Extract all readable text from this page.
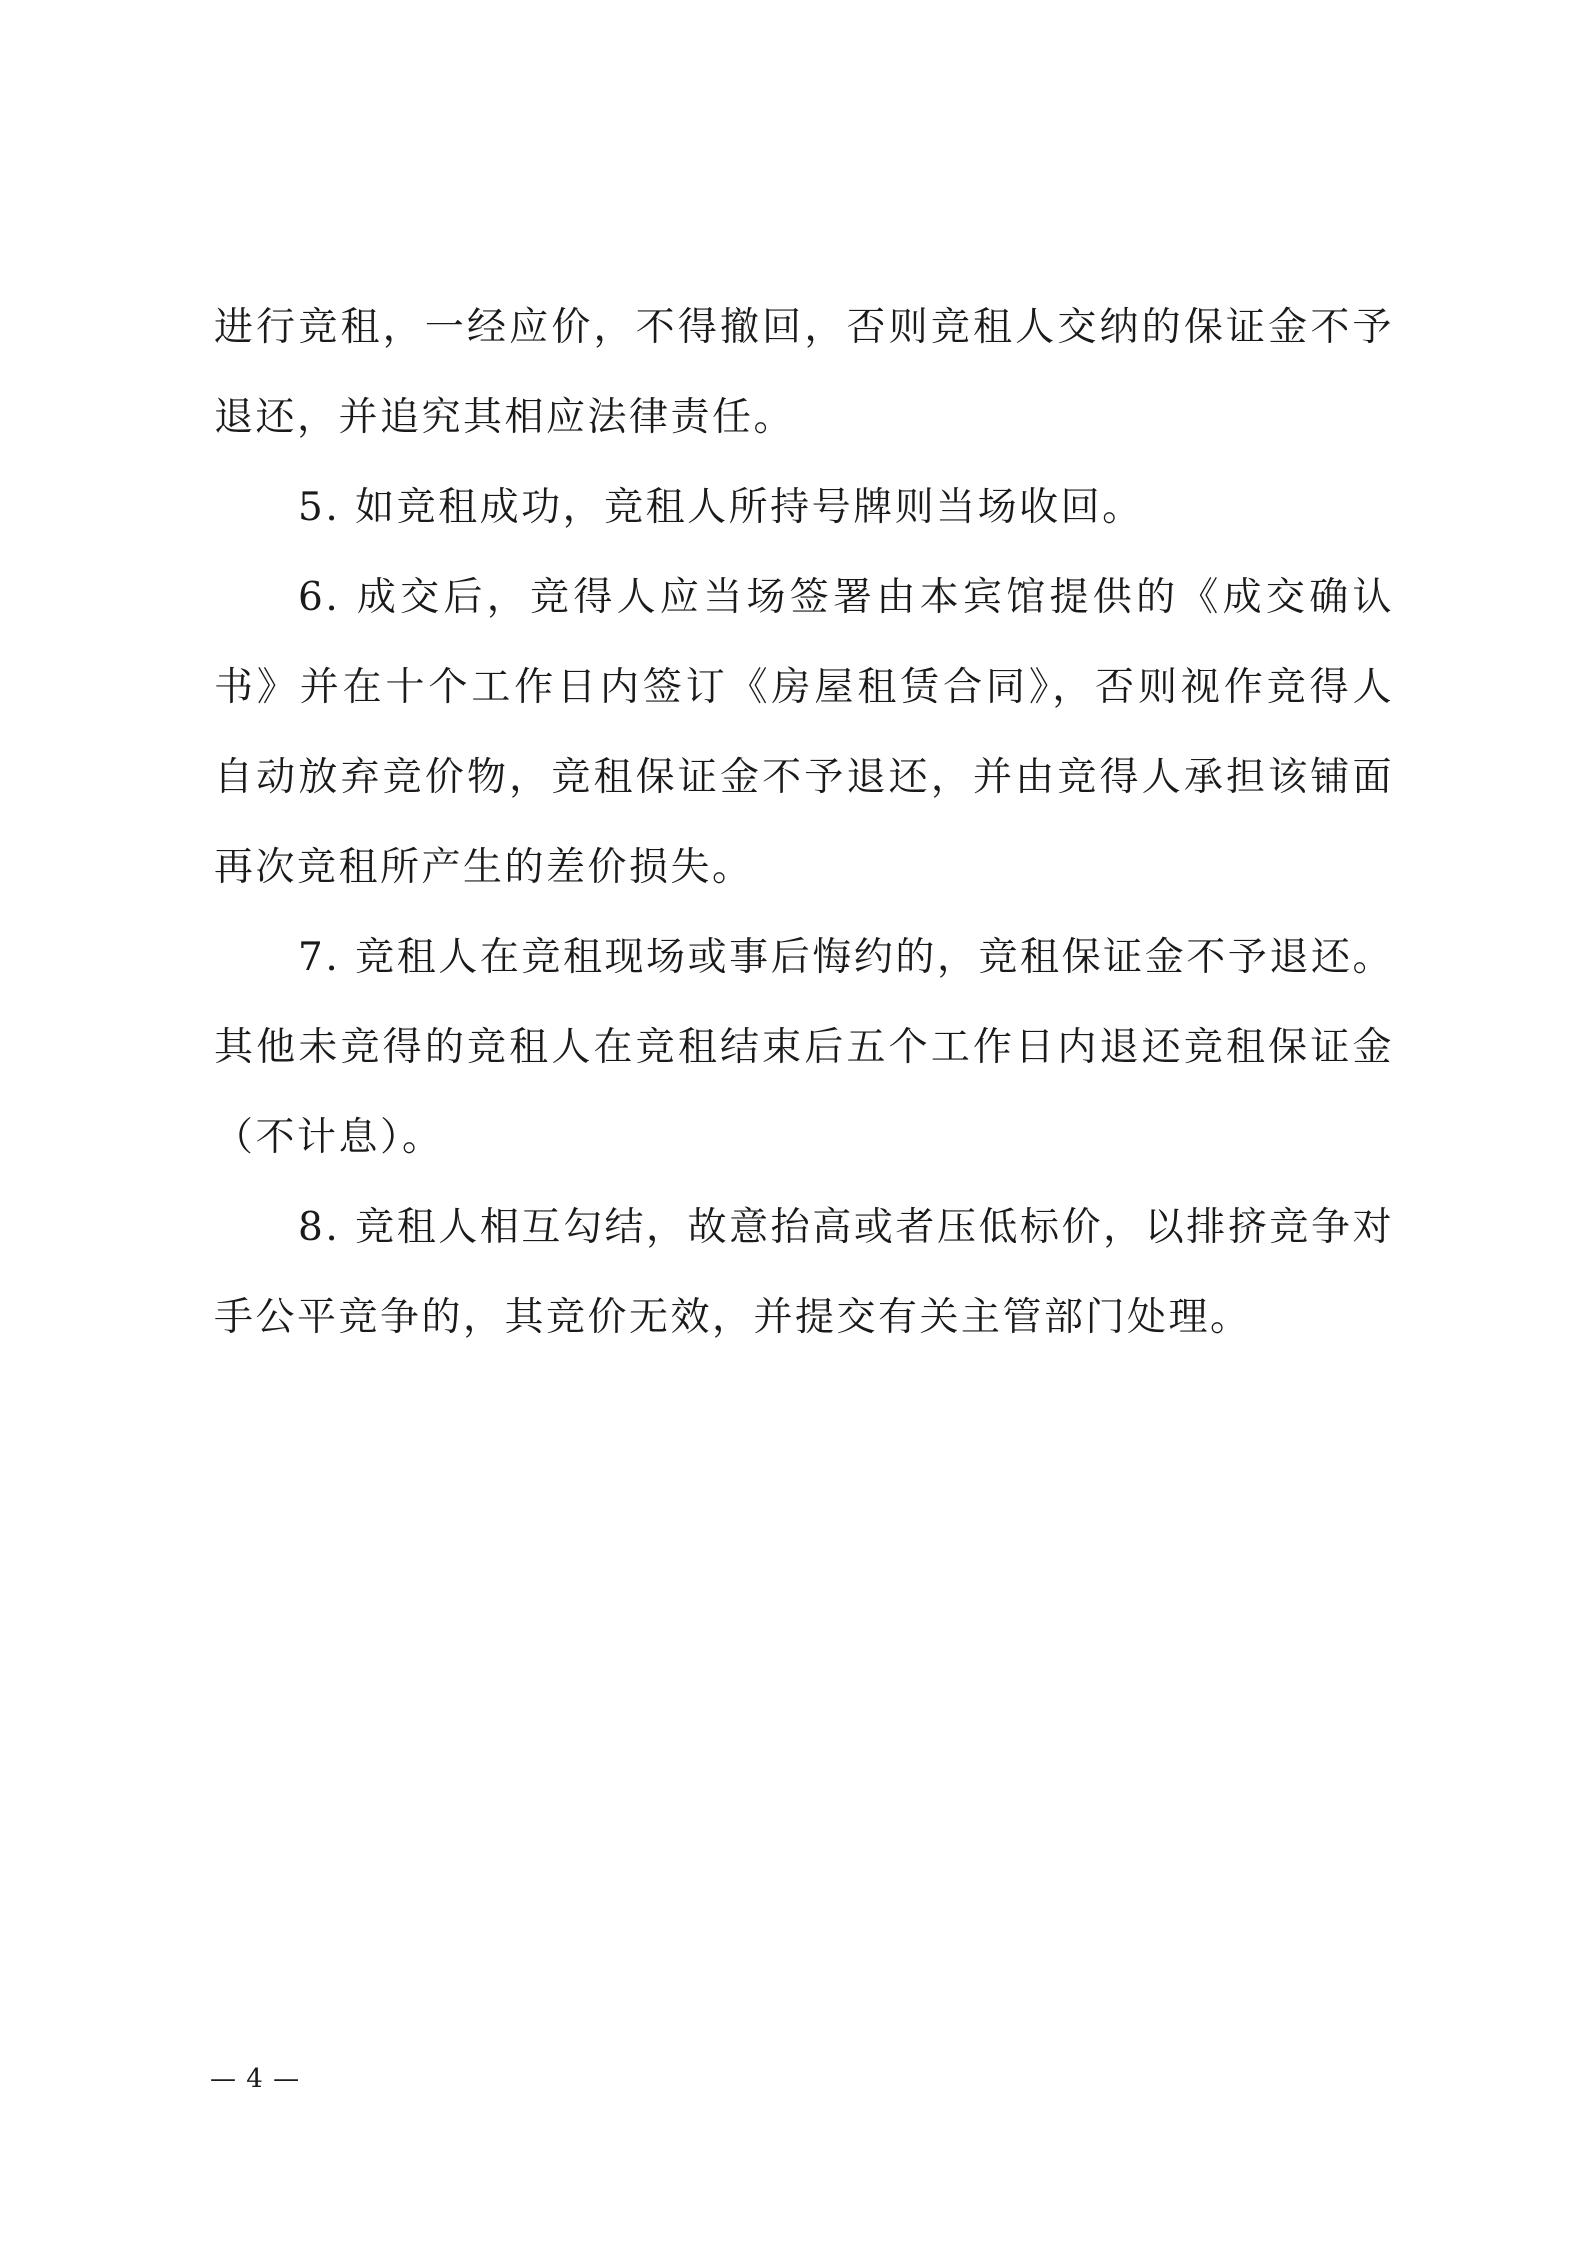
进行竞租，一经应价，不得撤回，否则竞租人交纳的保证金不予退还，并追究其相应法律责任。

5. 如竞租成功，竞租人所持号牌则当场收回。

6. 成交后，竞得人应当场签署由本宾馆提供的《成交确认书》并在十个工作日内签订《房屋租赁合同》，否则视作竞得人自动放弃竞价物，竞租保证金不予退还，并由竞得人承担该铺面再次竞租所产生的差价损失。

7. 竞租人在竞租现场或事后悔约的，竞租保证金不予退还。其他未竞得的竞租人在竞租结束后五个工作日内退还竞租保证金（不计息）。

8. 竞租人相互勾结，故意抬高或者压低标价，以排挤竞争对手公平竞争的，其竞价无效，并提交有关主管部门处理。

— 4 —
